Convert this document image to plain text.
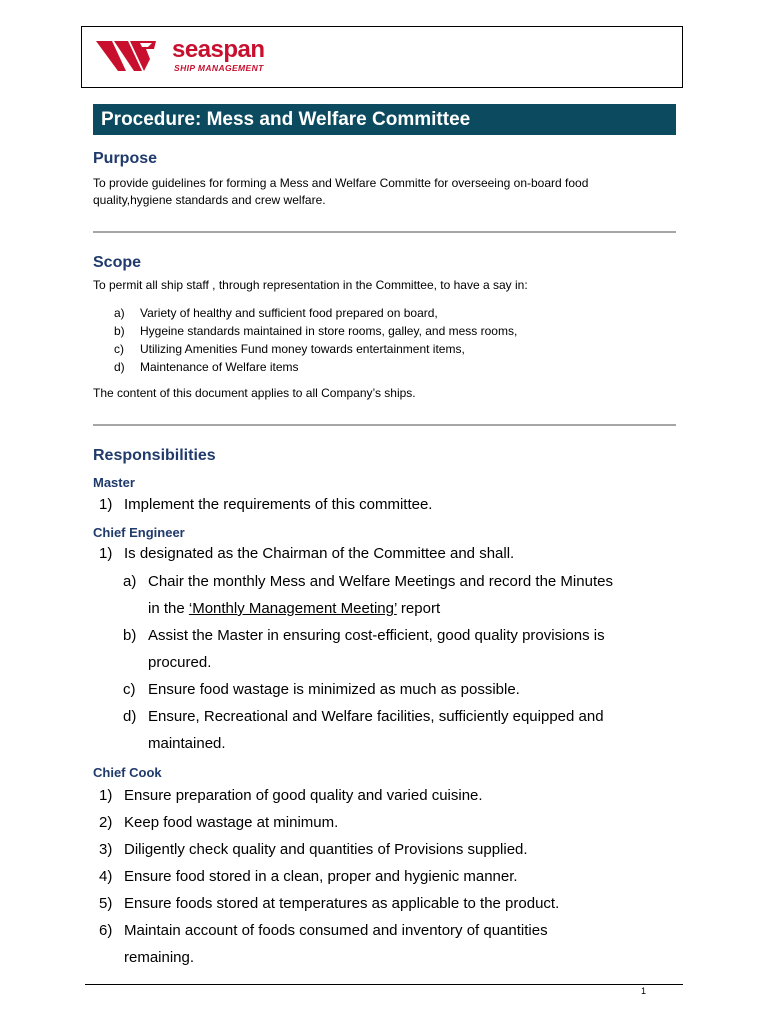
seaspan
SHIP MANAGEMENT
Procedure: Mess and Welfare Committee
Purpose
To provide guidelines for forming a Mess and Welfare Committe for overseeing on-board food
quality,hygiene standards and crew welfare.
Scope
To permit all ship staff , through representation in the Committee, to have a say in:
a)	Variety of healthy and sufficient food prepared on board,
b)	Hygeine standards maintained in store rooms, galley, and mess rooms,
c)	Utilizing Amenities Fund money towards entertainment items,
d)	Maintenance of Welfare items
The content of this document applies to all Company’s ships.
Responsibilities
Master
1) Implement the requirements of this committee.
Chief Engineer
1) Is designated as the Chairman of the Committee and shall.
a) Chair the monthly Mess and Welfare Meetings and record the Minutes
in the ‘Monthly Management Meeting’ report
b) Assist the Master in ensuring cost-efficient, good quality provisions is
procured.
c) Ensure food wastage is minimized as much as possible.
d) Ensure, Recreational and Welfare facilities, sufficiently equipped and
maintained.
Chief Cook
1) Ensure preparation of good quality and varied cuisine.
2) Keep food wastage at minimum.
3) Diligently check quality and quantities of Provisions supplied.
4) Ensure food stored in a clean, proper and hygienic manner.
5) Ensure foods stored at temperatures as applicable to the product.
6) Maintain account of foods consumed and inventory of quantities
remaining.
1
